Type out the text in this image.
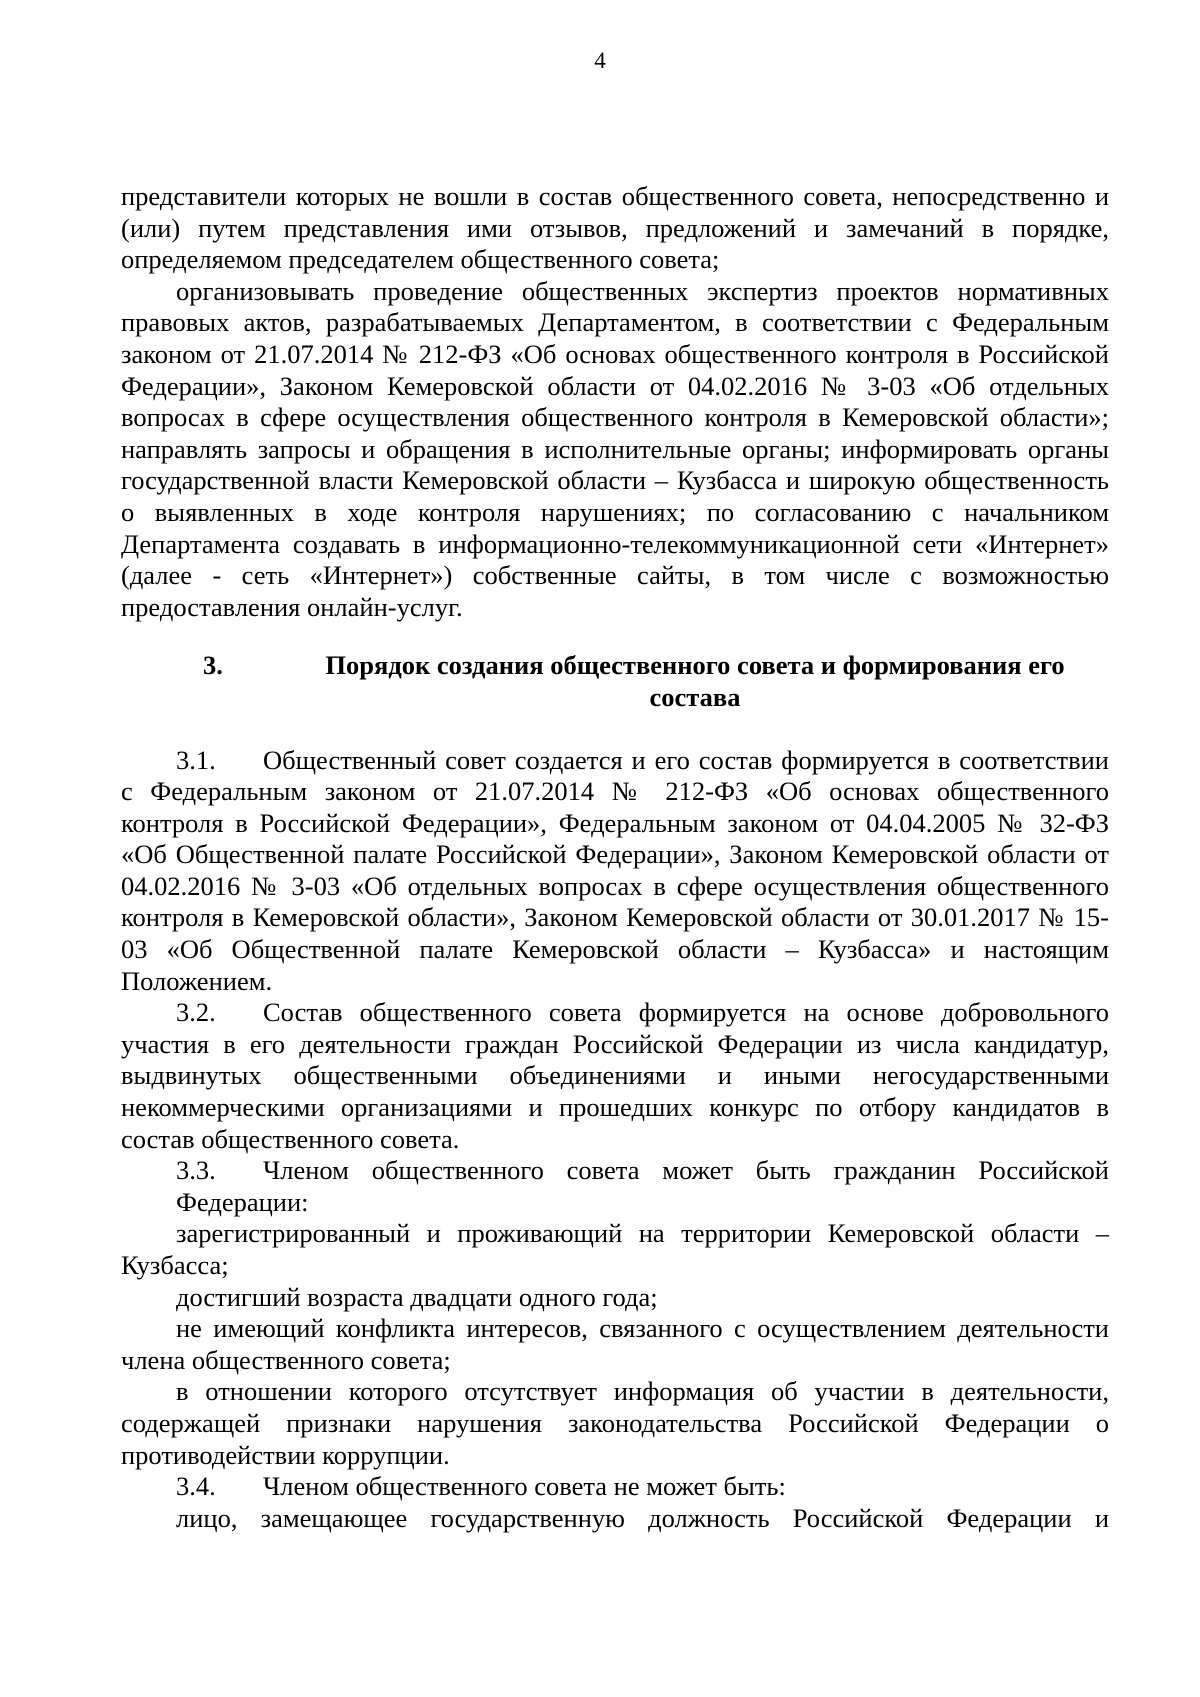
4

представители которых не вошли в состав общественного совета, непосредственно и (или) путем представления ими отзывов, предложений и замечаний в порядке, определяемом председателем общественного совета;

организовывать проведение общественных экспертиз проектов нормативных правовых актов, разрабатываемых Департаментом, в соответствии с Федеральным законом от 21.07.2014 № 212-ФЗ «Об основах общественного контроля в Российской Федерации», Законом Кемеровской области от 04.02.2016 № 3-03 «Об отдельных вопросах в сфере осуществления общественного контроля в Кемеровской области»; направлять запросы и обращения в исполнительные органы; информировать органы государственной власти Кемеровской области – Кузбасса и широкую общественность о выявленных в ходе контроля нарушениях; по согласованию с начальником Департамента создавать в информационно-телекоммуникационной сети «Интернет» (далее - сеть «Интернет») собственные сайты, в том числе с возможностью предоставления онлайн-услуг.

3.	Порядок создания общественного совета и формирования его состава

3.1. Общественный совет создается и его состав формируется в соответствии с Федеральным законом от 21.07.2014 № 212-ФЗ «Об основах общественного контроля в Российской Федерации», Федеральным законом от 04.04.2005 № 32-ФЗ «Об Общественной палате Российской Федерации», Законом Кемеровской области от 04.02.2016 № 3-03 «Об отдельных вопросах в сфере осуществления общественного контроля в Кемеровской области», Законом Кемеровской области от 30.01.2017 № 15-03 «Об Общественной палате Кемеровской области – Кузбасса» и настоящим Положением.

3.2. Состав общественного совета формируется на основе добровольного участия в его деятельности граждан Российской Федерации из числа кандидатур, выдвинутых общественными объединениями и иными негосударственными некоммерческими организациями и прошедших конкурс по отбору кандидатов в состав общественного совета.

3.3. Членом общественного совета может быть гражданин Российской Федерации:

зарегистрированный и проживающий на территории Кемеровской области – Кузбасса;

достигший возраста двадцати одного года;

не имеющий конфликта интересов, связанного с осуществлением деятельности члена общественного совета;

в отношении которого отсутствует информация об участии в деятельности, содержащей признаки нарушения законодательства Российской Федерации о противодействии коррупции.

3.4. Членом общественного совета не может быть:

лицо, замещающее государственную должность Российской Федерации и
